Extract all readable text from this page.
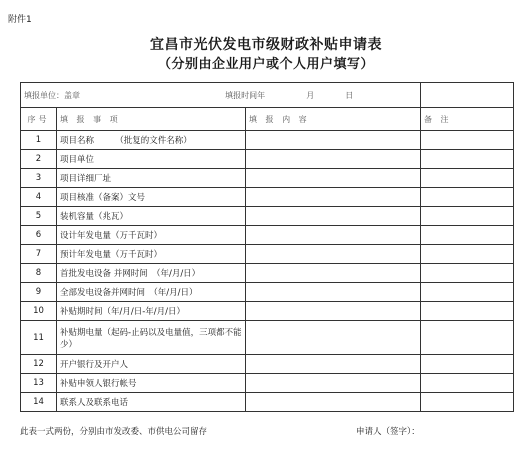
附件1
宜昌市光伏发电市级财政补贴申请表
（分别由企业用户或个人用户填写）
填报单位：盖章 填报时间年 月 日			
序号	填 报 事 项	填 报 内 容	备 注
1	项目名称　　　（批复的文件名称）		
2	项目单位		
3	项目详细厂址		
4	项目核准（备案）文号		
5	装机容量（兆瓦）		
6	设计年发电量（万千瓦时）		
7	预计年发电量（万千瓦时）		
8	首批发电设备 并网时间　（年/月/日）		
9	全部发电设备并网时间　（年/月/日）		
10	补贴期时间（年/月/日-年/月/日）		
11	补贴期电量（起码-止码以及电量值，三项都不能少）		
12	开户银行及开户人		
13	补贴申领人银行帐号		
14	联系人及联系电话		
此表一式两份，分别由市发改委、市供电公司留存	申请人（签字）：
